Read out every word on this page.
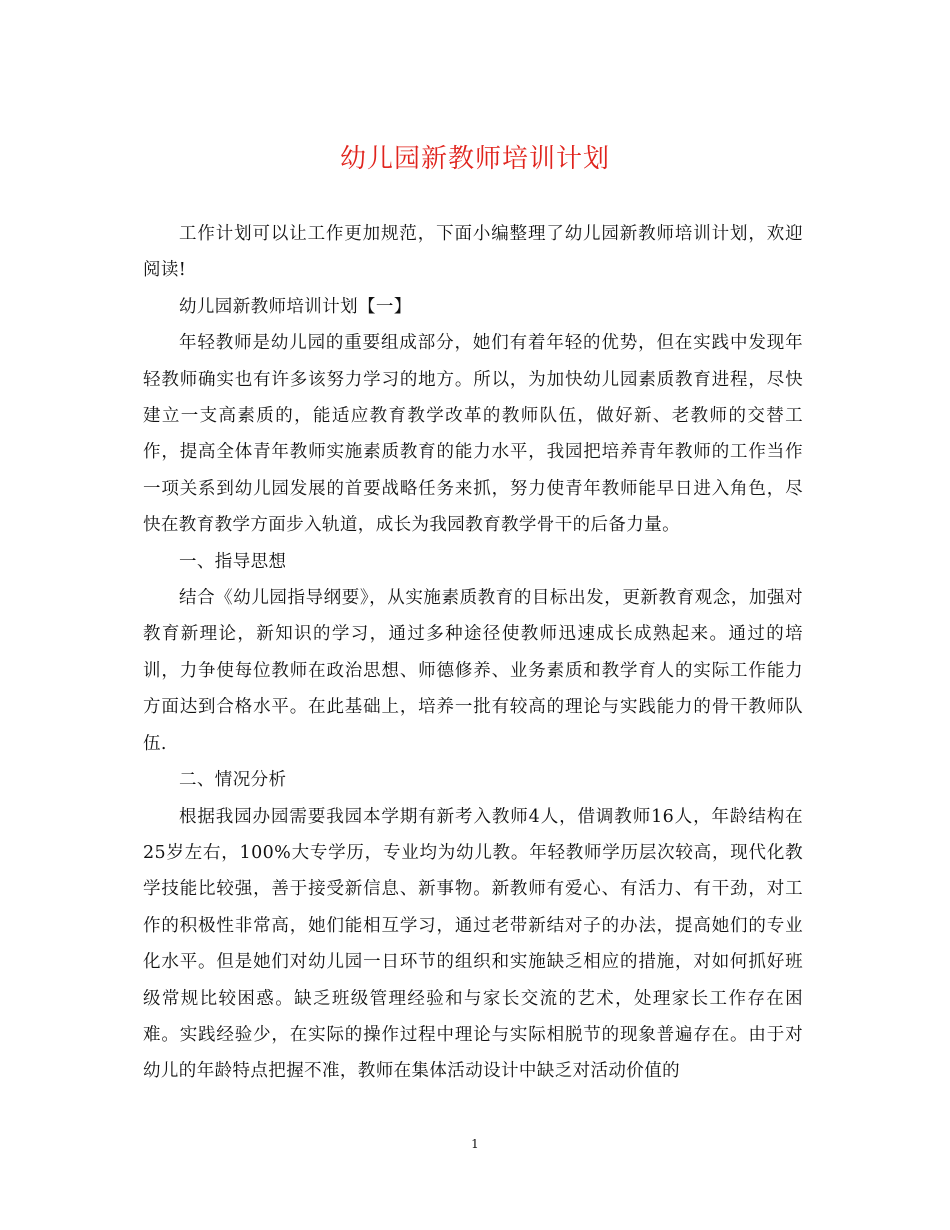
幼儿园新教师培训计划

工作计划可以让工作更加规范，下面小编整理了幼儿园新教师培训计划，欢迎阅读!

幼儿园新教师培训计划【一】

年轻教师是幼儿园的重要组成部分，她们有着年轻的优势，但在实践中发现年轻教师确实也有许多该努力学习的地方。所以，为加快幼儿园素质教育进程，尽快建立一支高素质的，能适应教育教学改革的教师队伍，做好新、老教师的交替工作，提高全体青年教师实施素质教育的能力水平，我园把培养青年教师的工作当作一项关系到幼儿园发展的首要战略任务来抓，努力使青年教师能早日进入角色，尽快在教育教学方面步入轨道，成长为我园教育教学骨干的后备力量。

一、指导思想

结合《幼儿园指导纲要》，从实施素质教育的目标出发，更新教育观念，加强对教育新理论，新知识的学习，通过多种途径使教师迅速成长成熟起来。通过的培训，力争使每位教师在政治思想、师德修养、业务素质和教学育人的实际工作能力方面达到合格水平。在此基础上，培养一批有较高的理论与实践能力的骨干教师队伍.

二、情况分析

根据我园办园需要我园本学期有新考入教师4人，借调教师16人，年龄结构在25岁左右，100%大专学历，专业均为幼儿教。年轻教师学历层次较高，现代化教学技能比较强，善于接受新信息、新事物。新教师有爱心、有活力、有干劲，对工作的积极性非常高，她们能相互学习，通过老带新结对子的办法，提高她们的专业化水平。但是她们对幼儿园一日环节的组织和实施缺乏相应的措施，对如何抓好班级常规比较困惑。缺乏班级管理经验和与家长交流的艺术，处理家长工作存在困难。实践经验少，在实际的操作过程中理论与实际相脱节的现象普遍存在。由于对幼儿的年龄特点把握不准，教师在集体活动设计中缺乏对活动价值的

1
